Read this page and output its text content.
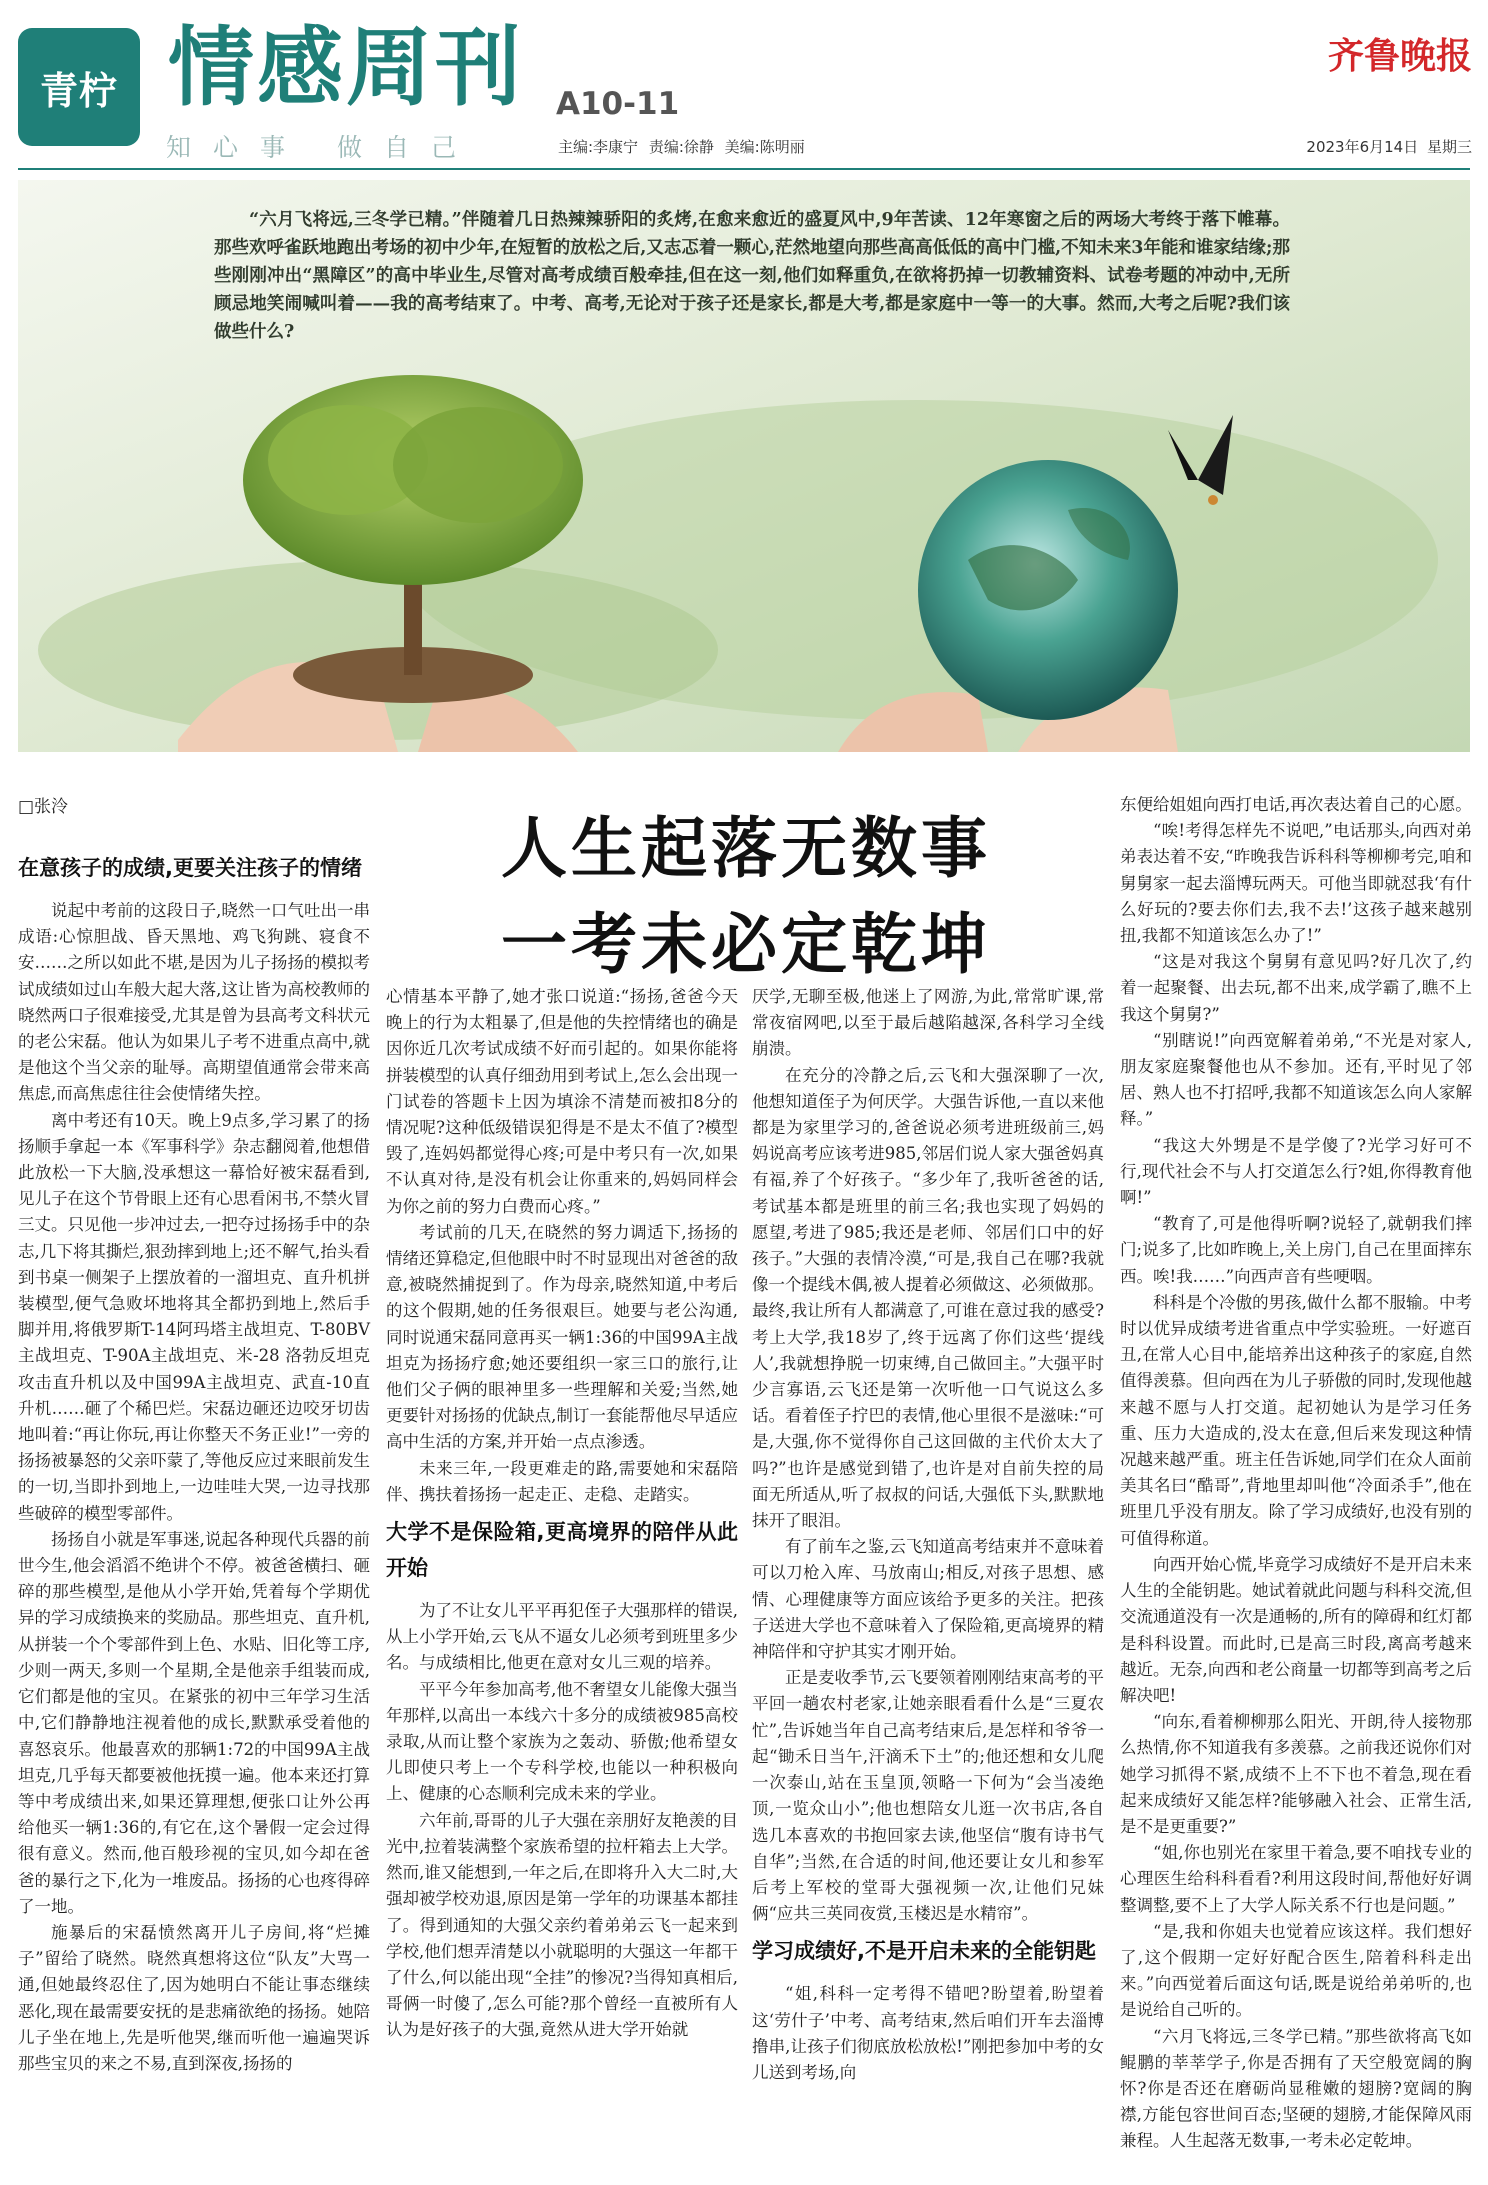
青柠 情感周刊 A10-11
知心事 做自己
齐鲁晚报
主编:李康宁 责编:徐静 美编:陈明丽	2023年6月14日 星期三
“六月飞将远,三冬学已精。”伴随着几日热辣辣骄阳的炙烤,在愈来愈近的盛夏风中,9年苦读、12年寒窗之后的两场大考终于落下帷幕。那些欢呼雀跃地跑出考场的初中少年,在短暂的放松之后,又志忑着一颗心,茫然地望向那些高高低低的高中门槛,不知未来3年能和谁家结缘;那些刚刚冲出“黑障区”的高中毕业生,尽管对高考成绩百般牵挂,但在这一刻,他们如释重负,在欲将扔掉一切教辅资料、试卷考题的冲动中,无所顾忌地笑闹喊叫着——我的高考结束了。中考、高考,无论对于孩子还是家长,都是大考,都是家庭中一等一的大事。然而,大考之后呢?我们该做些什么?
□张泠
人生起落无数事
一考未必定乾坤
在意孩子的成绩,更要关注孩子的情绪

说起中考前的这段日子,晓然一口气吐出一串成语:心惊胆战、昏天黑地、鸡飞狗跳、寝食不安……之所以如此不堪,是因为儿子扬扬的模拟考试成绩如过山车般大起大落,这让皆为高校教师的晓然两口子很难接受,尤其是曾为县高考文科状元的老公宋磊。他认为如果儿子考不进重点高中,就是他这个当父亲的耻辱。高期望值通常会带来高焦虑,而高焦虑往往会使情绪失控。

离中考还有10天。晚上9点多,学习累了的扬扬顺手拿起一本《军事科学》杂志翻阅着,他想借此放松一下大脑,没承想这一幕恰好被宋磊看到,见儿子在这个节骨眼上还有心思看闲书,不禁火冒三丈。只见他一步冲过去,一把夺过扬扬手中的杂志,几下将其撕烂,狠劲摔到地上;还不解气,抬头看到书桌一侧架子上摆放着的一溜坦克、直升机拼装模型,便气急败坏地将其全都扔到地上,然后手脚并用,将俄罗斯T-14阿玛塔主战坦克、T-80BV主战坦克、T-90A主战坦克、米-28 洛勃反坦克攻击直升机以及中国99A主战坦克、武直-10直升机……砸了个稀巴烂。宋磊边砸还边咬牙切齿地叫着:“再让你玩,再让你整天不务正业!”一旁的扬扬被暴怒的父亲吓蒙了,等他反应过来眼前发生的一切,当即扑到地上,一边哇哇大哭,一边寻找那些破碎的模型零部件。

扬扬自小就是军事迷,说起各种现代兵器的前世今生,他会滔滔不绝讲个不停。被爸爸横扫、砸碎的那些模型,是他从小学开始,凭着每个学期优异的学习成绩换来的奖励品。那些坦克、直升机,从拼装一个个零部件到上色、水贴、旧化等工序,少则一两天,多则一个星期,全是他亲手组装而成,它们都是他的宝贝。在紧张的初中三年学习生活中,它们静静地注视着他的成长,默默承受着他的喜怒哀乐。他最喜欢的那辆1:72的中国99A主战坦克,几乎每天都要被他抚摸一遍。他本来还打算等中考成绩出来,如果还算理想,便张口让外公再给他买一辆1:36的,有它在,这个暑假一定会过得很有意义。然而,他百般珍视的宝贝,如今却在爸爸的暴行之下,化为一堆废品。扬扬的心也疼得碎了一地。

施暴后的宋磊愤然离开儿子房间,将“烂摊子”留给了晓然。晓然真想将这位“队友”大骂一通,但她最终忍住了,因为她明白不能让事态继续恶化,现在最需要安抚的是悲痛欲绝的扬扬。她陪儿子坐在地上,先是听他哭,继而听他一遍遍哭诉那些宝贝的来之不易,直到深夜,扬扬的

心情基本平静了,她才张口说道:“扬扬,爸爸今天晚上的行为太粗暴了,但是他的失控情绪也的确是因你近几次考试成绩不好而引起的。如果你能将拼装模型的认真仔细劲用到考试上,怎么会出现一门试卷的答题卡上因为填涂不清楚而被扣8分的情况呢?这种低级错误犯得是不是太不值了?模型毁了,连妈妈都觉得心疼;可是中考只有一次,如果不认真对待,是没有机会让你重来的,妈妈同样会为你之前的努力白费而心疼。”

考试前的几天,在晓然的努力调适下,扬扬的情绪还算稳定,但他眼中时不时显现出对爸爸的敌意,被晓然捕捉到了。作为母亲,晓然知道,中考后的这个假期,她的任务很艰巨。她要与老公沟通,同时说通宋磊同意再买一辆1:36的中国99A主战坦克为扬扬疗愈;她还要组织一家三口的旅行,让他们父子俩的眼神里多一些理解和关爱;当然,她更要针对扬扬的优缺点,制订一套能帮他尽早适应高中生活的方案,并开始一点点渗透。

未来三年,一段更难走的路,需要她和宋磊陪伴、携扶着扬扬一起走正、走稳、走踏实。

大学不是保险箱,更高境界的陪伴从此开始

为了不让女儿平平再犯侄子大强那样的错误,从上小学开始,云飞从不逼女儿必须考到班里多少名。与成绩相比,他更在意对女儿三观的培养。

平平今年参加高考,他不奢望女儿能像大强当年那样,以高出一本线六十多分的成绩被985高校录取,从而让整个家族为之轰动、骄傲;他希望女儿即使只考上一个专科学校,也能以一种积极向上、健康的心态顺利完成未来的学业。

六年前,哥哥的儿子大强在亲朋好友艳羡的目光中,拉着装满整个家族希望的拉杆箱去上大学。然而,谁又能想到,一年之后,在即将升入大二时,大强却被学校劝退,原因是第一学年的功课基本都挂了。得到通知的大强父亲约着弟弟云飞一起来到学校,他们想弄清楚以小就聪明的大强这一年都干了什么,何以能出现“全挂”的惨况?当得知真相后,哥俩一时傻了,怎么可能?那个曾经一直被所有人认为是好孩子的大强,竟然从进大学开始就

厌学,无聊至极,他迷上了网游,为此,常常旷课,常常夜宿网吧,以至于最后越陷越深,各科学习全线崩溃。

在充分的冷静之后,云飞和大强深聊了一次,他想知道侄子为何厌学。大强告诉他,一直以来他都是为家里学习的,爸爸说必须考进班级前三,妈妈说高考应该考进985,邻居们说人家大强爸妈真有福,养了个好孩子。“多少年了,我听爸爸的话,考试基本都是班里的前三名;我也实现了妈妈的愿望,考进了985;我还是老师、邻居们口中的好孩子。”大强的表情冷漠,“可是,我自己在哪?我就像一个提线木偶,被人提着必须做这、必须做那。最终,我让所有人都满意了,可谁在意过我的感受?考上大学,我18岁了,终于远离了你们这些‘提线人’,我就想挣脱一切束缚,自己做回主。”大强平时少言寡语,云飞还是第一次听他一口气说这么多话。看着侄子拧巴的表情,他心里很不是滋味:“可是,大强,你不觉得你自己这回做的主代价太大了吗?”也许是感觉到错了,也许是对自前失控的局面无所适从,听了叔叔的问话,大强低下头,默默地抹开了眼泪。

有了前车之鉴,云飞知道高考结束并不意味着可以刀枪入库、马放南山;相反,对孩子思想、感情、心理健康等方面应该给予更多的关注。把孩子送进大学也不意味着入了保险箱,更高境界的精神陪伴和守护其实才刚开始。

正是麦收季节,云飞要领着刚刚结束高考的平平回一趟农村老家,让她亲眼看看什么是“三夏农忙”,告诉她当年自己高考结束后,是怎样和爷爷一起“锄禾日当午,汗滴禾下土”的;他还想和女儿爬一次泰山,站在玉皇顶,领略一下何为“会当凌绝顶,一览众山小”;他也想陪女儿逛一次书店,各自选几本喜欢的书抱回家去读,他坚信“腹有诗书气自华”;当然,在合适的时间,他还要让女儿和参军后考上军校的堂哥大强视频一次,让他们兄妹俩“应共三英同夜赏,玉楼迟是水精帘”。

学习成绩好,不是开启未来的全能钥匙

“姐,科科一定考得不错吧?盼望着,盼望着这‘劳什子’中考、高考结束,然后咱们开车去淄博撸串,让孩子们彻底放松放松!”刚把参加中考的女儿送到考场,向

东便给姐姐向西打电话,再次表达着自己的心愿。

“唉!考得怎样先不说吧,”电话那头,向西对弟弟表达着不安,“昨晚我告诉科科等柳柳考完,咱和舅舅家一起去淄博玩两天。可他当即就怼我‘有什么好玩的?要去你们去,我不去!’这孩子越来越别扭,我都不知道该怎么办了!”

“这是对我这个舅舅有意见吗?好几次了,约着一起聚餐、出去玩,都不出来,成学霸了,瞧不上我这个舅舅?”

“别瞎说!”向西宽解着弟弟,“不光是对家人,朋友家庭聚餐他也从不参加。还有,平时见了邻居、熟人也不打招呼,我都不知道该怎么向人家解释。”

“我这大外甥是不是学傻了?光学习好可不行,现代社会不与人打交道怎么行?姐,你得教育他啊!”

“教育了,可是他得听啊?说轻了,就朝我们摔门;说多了,比如昨晚上,关上房门,自己在里面摔东西。唉!我……”向西声音有些哽咽。

科科是个冷傲的男孩,做什么都不服输。中考时以优异成绩考进省重点中学实验班。一好遮百丑,在常人心目中,能培养出这种孩子的家庭,自然值得羡慕。但向西在为儿子骄傲的同时,发现他越来越不愿与人打交道。起初她认为是学习任务重、压力大造成的,没太在意,但后来发现这种情况越来越严重。班主任告诉她,同学们在众人面前美其名曰“酷哥”,背地里却叫他“冷面杀手”,他在班里几乎没有朋友。除了学习成绩好,也没有别的可值得称道。

向西开始心慌,毕竟学习成绩好不是开启未来人生的全能钥匙。她试着就此问题与科科交流,但交流通道没有一次是通畅的,所有的障碍和红灯都是科科设置。而此时,已是高三时段,离高考越来越近。无奈,向西和老公商量一切都等到高考之后解决吧!

“向东,看着柳柳那么阳光、开朗,待人接物那么热情,你不知道我有多羡慕。之前我还说你们对她学习抓得不紧,成绩不上不下也不着急,现在看起来成绩好又能怎样?能够融入社会、正常生活,是不是更重要?”

“姐,你也别光在家里干着急,要不咱找专业的心理医生给科科看看?利用这段时间,帮他好好调整调整,要不上了大学人际关系不行也是问题。”

“是,我和你姐夫也觉着应该这样。我们想好了,这个假期一定好好配合医生,陪着科科走出来。”向西觉着后面这句话,既是说给弟弟听的,也是说给自己听的。

“六月飞将远,三冬学已精。”那些欲将高飞如鲲鹏的莘莘学子,你是否拥有了天空般宽阔的胸怀?你是否还在磨砺尚显稚嫩的翅膀?宽阔的胸襟,方能包容世间百态;坚硬的翅膀,才能保障风雨兼程。人生起落无数事,一考未必定乾坤。
